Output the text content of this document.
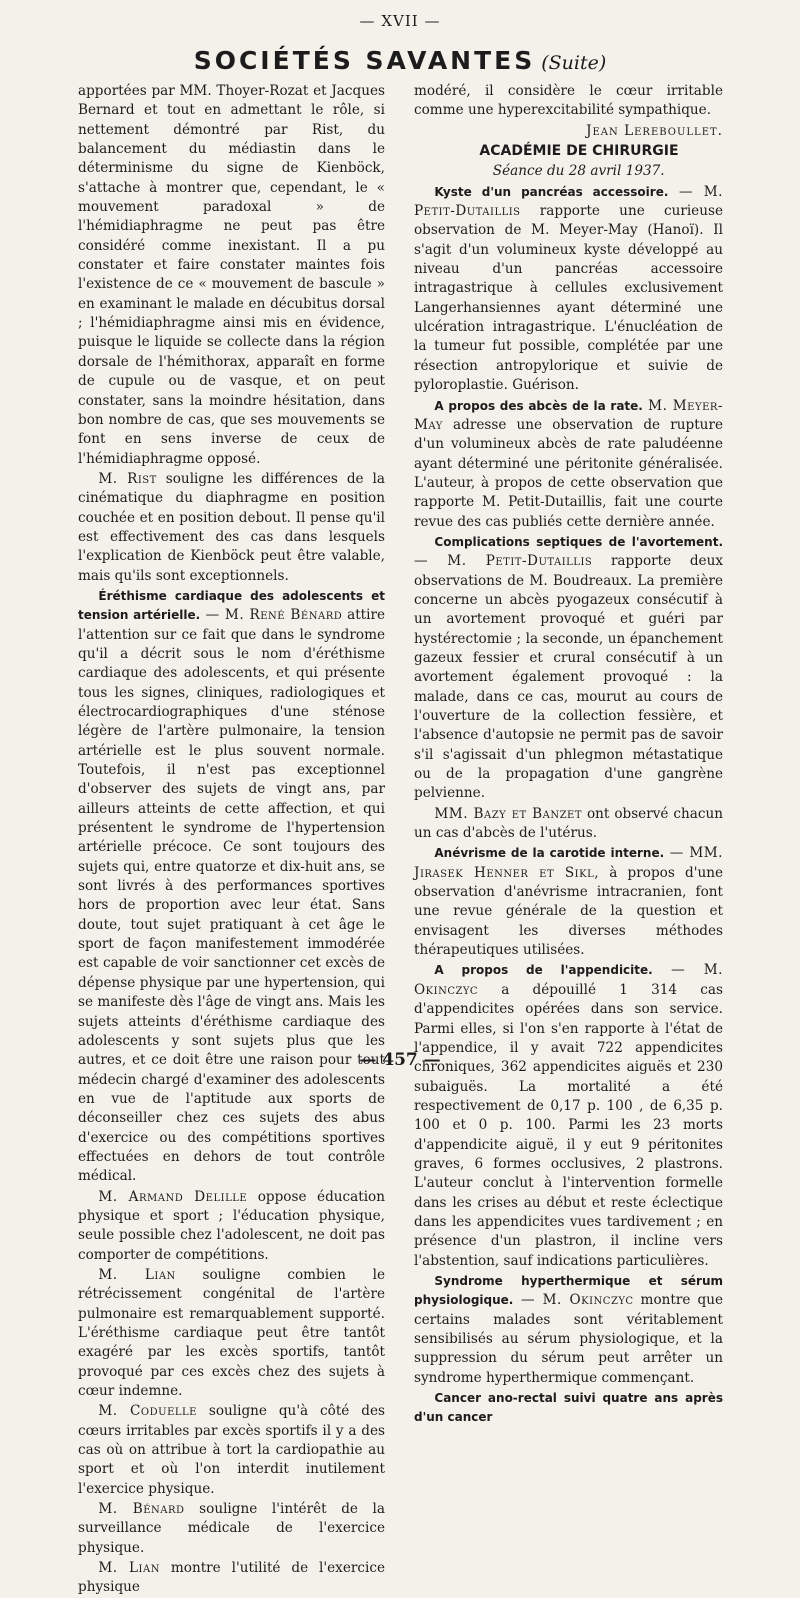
— XVII —
SOCIÉTÉS SAVANTES (Suite)

apportées par MM. Thoyer-Rozat et Jacques Bernard et tout en admettant le rôle, si nettement démontré par Rist, du balancement du médiastin dans le déterminisme du signe de Kienböck, s'attache à montrer que, cependant, le « mouvement paradoxal » de l'hémidiaphragme ne peut pas être considéré comme inexistant. Il a pu constater et faire constater maintes fois l'existence de ce « mouvement de bascule » en examinant le malade en décubitus dorsal ; l'hémidiaphragme ainsi mis en évidence, puisque le liquide se collecte dans la région dorsale de l'hémithorax, apparaît en forme de cupule ou de vasque, et on peut constater, sans la moindre hésitation, dans bon nombre de cas, que ses mouvements se font en sens inverse de ceux de l'hémidiaphragme opposé.

M. Rist souligne les différences de la cinématique du diaphragme en position couchée et en position debout. Il pense qu'il est effectivement des cas dans lesquels l'explication de Kienböck peut être valable, mais qu'ils sont exceptionnels.

Éréthisme cardiaque des adolescents et tension artérielle. — M. René Bénard attire l'attention sur ce fait que dans le syndrome qu'il a décrit sous le nom d'éréthisme cardiaque des adolescents, et qui présente tous les signes, cliniques, radiologiques et électrocardiographiques d'une sténose légère de l'artère pulmonaire, la tension artérielle est le plus souvent normale. Toutefois, il n'est pas exceptionnel d'observer des sujets de vingt ans, par ailleurs atteints de cette affection, et qui présentent le syndrome de l'hypertension artérielle précoce. Ce sont toujours des sujets qui, entre quatorze et dix-huit ans, se sont livrés à des performances sportives hors de proportion avec leur état. Sans doute, tout sujet pratiquant à cet âge le sport de façon manifestement immodérée est capable de voir sanctionner cet excès de dépense physique par une hypertension, qui se manifeste dès l'âge de vingt ans. Mais les sujets atteints d'éréthisme cardiaque des adolescents y sont sujets plus que les autres, et ce doit être une raison pour tout médecin chargé d'examiner des adolescents en vue de l'aptitude aux sports de déconseiller chez ces sujets des abus d'exercice ou des compétitions sportives effectuées en dehors de tout contrôle médical.

M. Armand Delille oppose éducation physique et sport ; l'éducation physique, seule possible chez l'adolescent, ne doit pas comporter de compétitions.

M. Lian souligne combien le rétrécissement congénital de l'artère pulmonaire est remarquablement supporté. L'éréthisme cardiaque peut être tantôt exagéré par les excès sportifs, tantôt provoqué par ces excès chez des sujets à cœur indemne.

M. Coduelle souligne qu'à côté des cœurs irritables par excès sportifs il y a des cas où on attribue à tort la cardiopathie au sport et où l'on interdit inutilement l'exercice physique.

M. Bénard souligne l'intérêt de la surveillance médicale de l'exercice physique.

M. Lian montre l'utilité de l'exercice physique

modéré, il considère le cœur irritable comme une hyperexcitabilité sympathique.

Jean Lereboullet.

ACADÉMIE DE CHIRURGIE

Séance du 28 avril 1937.

Kyste d'un pancréas accessoire. — M. Petit-Dutaillis rapporte une curieuse observation de M. Meyer-May (Hanoï). Il s'agit d'un volumineux kyste développé au niveau d'un pancréas accessoire intragastrique à cellules exclusivement Langerhansiennes ayant déterminé une ulcération intragastrique. L'énucléation de la tumeur fut possible, complétée par une résection antropylorique et suivie de pyloroplastie. Guérison.

A propos des abcès de la rate. M. Meyer-May adresse une observation de rupture d'un volumineux abcès de rate paludéenne ayant déterminé une péritonite généralisée. L'auteur, à propos de cette observation que rapporte M. Petit-Dutaillis, fait une courte revue des cas publiés cette dernière année.

Complications septiques de l'avortement. — M. Petit-Dutaillis rapporte deux observations de M. Boudreaux. La première concerne un abcès pyogazeux consécutif à un avortement provoqué et guéri par hystérectomie ; la seconde, un épanchement gazeux fessier et crural consécutif à un avortement également provoqué : la malade, dans ce cas, mourut au cours de l'ouverture de la collection fessière, et l'absence d'autopsie ne permit pas de savoir s'il s'agissait d'un phlegmon métastatique ou de la propagation d'une gangrène pelvienne.

MM. Bazy et Banzet ont observé chacun un cas d'abcès de l'utérus.

Anévrisme de la carotide interne. — MM. Jirasek Henner et Sikl, à propos d'une observation d'anévrisme intracranien, font une revue générale de la question et envisagent les diverses méthodes thérapeutiques utilisées.

A propos de l'appendicite. — M. Okinczyc a dépouillé 1 314 cas d'appendicites opérées dans son service. Parmi elles, si l'on s'en rapporte à l'état de l'appendice, il y avait 722 appendicites chroniques, 362 appendicites aiguës et 230 subaiguës. La mortalité a été respectivement de 0,17 p. 100 , de 6,35 p. 100 et 0 p. 100. Parmi les 23 morts d'appendicite aiguë, il y eut 9 péritonites graves, 6 formes occlusives, 2 plastrons. L'auteur conclut à l'intervention formelle dans les crises au début et reste éclectique dans les appendicites vues tardivement ; en présence d'un plastron, il incline vers l'abstention, sauf indications particulières.

Syndrome hyperthermique et sérum physiologique. — M. Okinczyc montre que certains malades sont véritablement sensibilisés au sérum physiologique, et la suppression du sérum peut arrêter un syndrome hyperthermique commençant.

Cancer ano-rectal suivi quatre ans après d'un cancer

— 457 —
